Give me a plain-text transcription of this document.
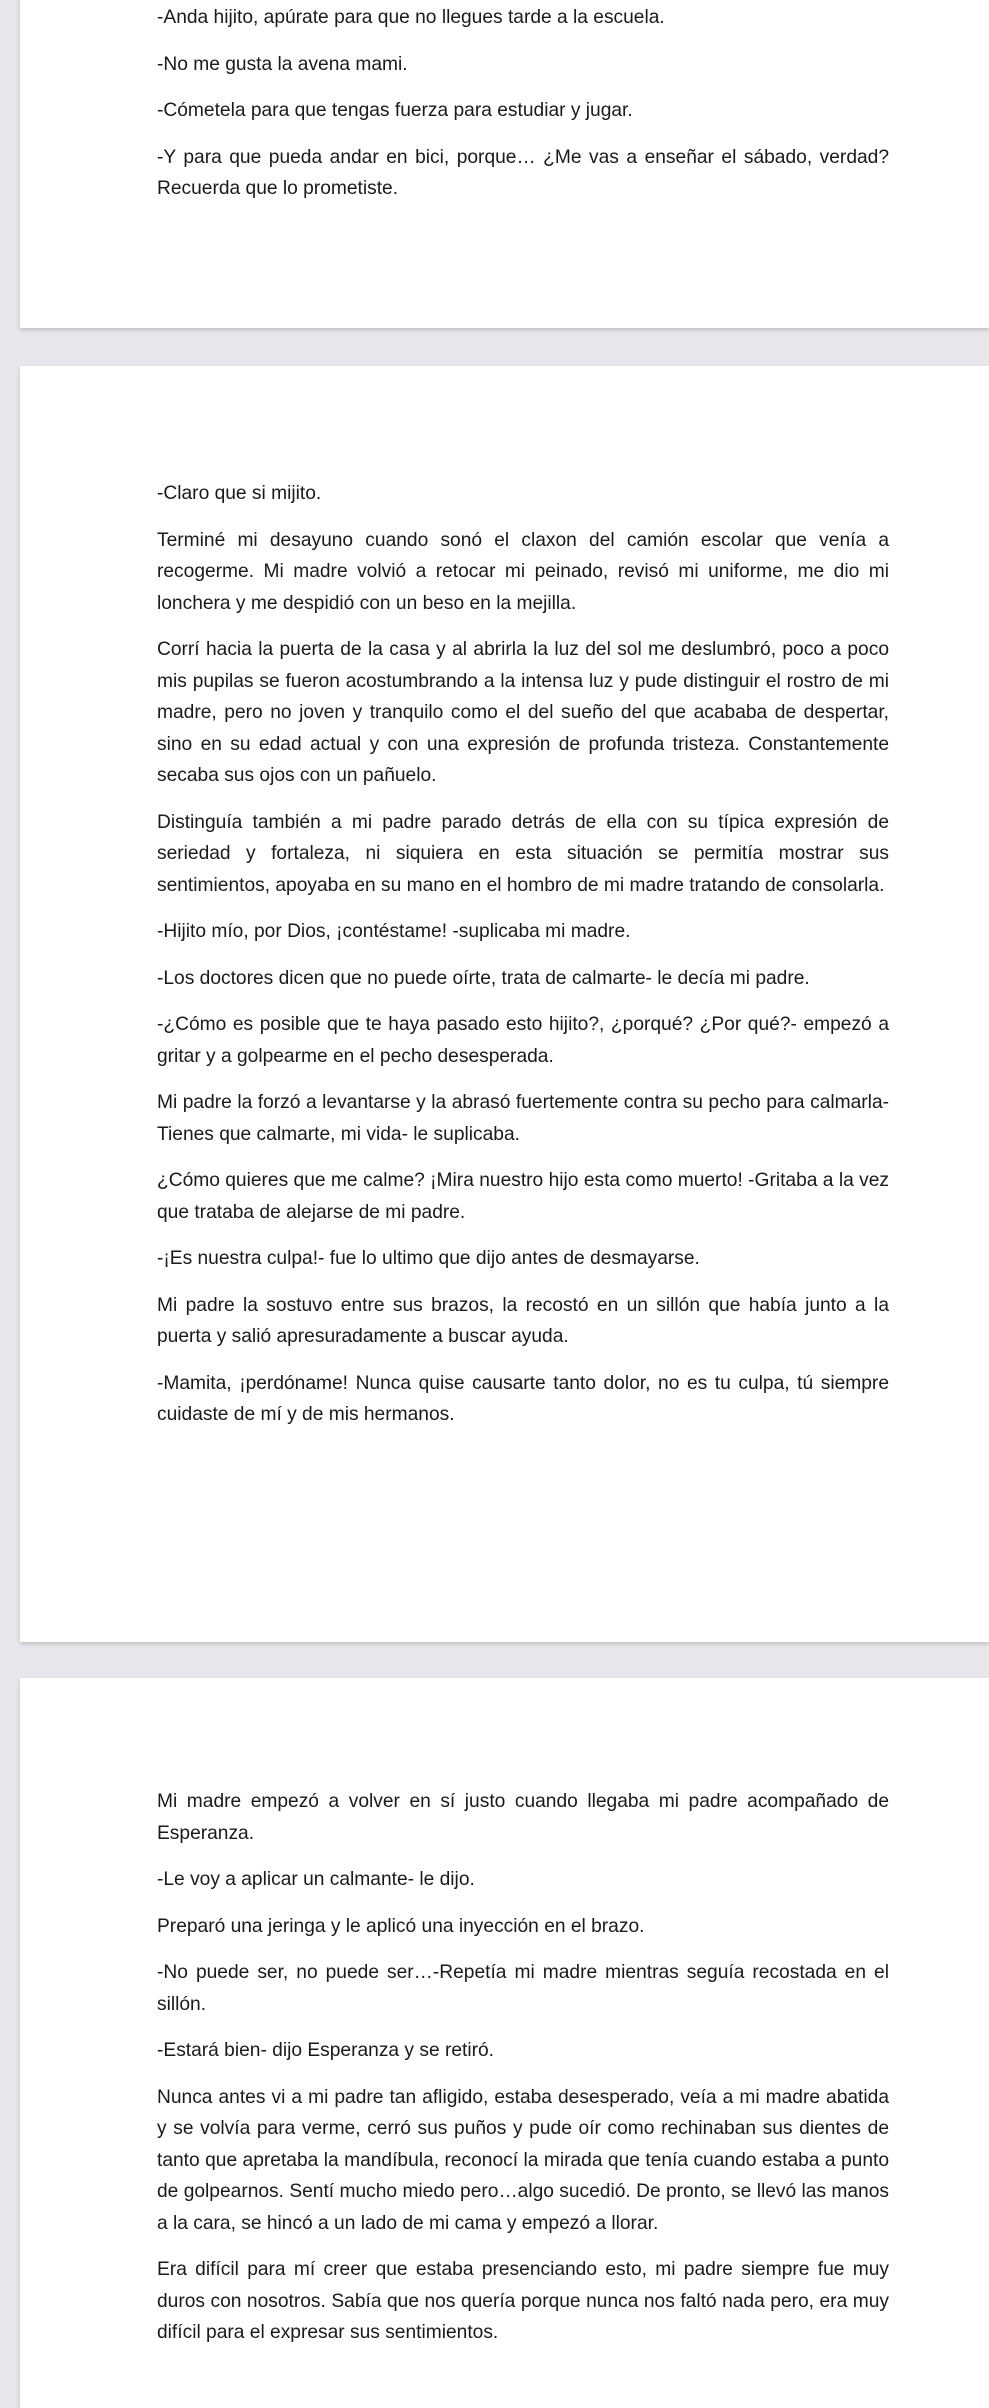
-Anda hijito, apúrate para que no llegues tarde a la escuela.

-No me gusta la avena mami.

-Cómetela para que tengas fuerza para estudiar y jugar.

-Y para que pueda andar en bici, porque… ¿Me vas a enseñar el sábado, verdad? Recuerda que lo prometiste.

-Claro que si mijito.

Terminé mi desayuno cuando sonó el claxon del camión escolar que venía a recogerme. Mi madre volvió a retocar mi peinado, revisó mi uniforme, me dio mi lonchera y me despidió con un beso en la mejilla.

Corrí hacia la puerta de la casa y al abrirla la luz del sol me deslumbró, poco a poco mis pupilas se fueron acostumbrando a la intensa luz y pude distinguir el rostro de mi madre, pero no joven y tranquilo como el del sueño del que acababa de despertar, sino en su edad actual y con una expresión de profunda tristeza. Constantemente secaba sus ojos con un pañuelo.

Distinguía también a mi padre parado detrás de ella con su típica expresión de seriedad y fortaleza, ni siquiera en esta situación se permitía mostrar sus sentimientos, apoyaba en su mano en el hombro de mi madre tratando de consolarla.

-Hijito mío, por Dios, ¡contéstame! -suplicaba mi madre.

-Los doctores dicen que no puede oírte, trata de calmarte- le decía mi padre.

-¿Cómo es posible que te haya pasado esto hijito?, ¿porqué? ¿Por qué?- empezó a gritar y a golpearme en el pecho desesperada.

Mi padre la forzó a levantarse y la abrasó fuertemente contra su pecho para calmarla- Tienes que calmarte, mi vida- le suplicaba.

¿Cómo quieres que me calme? ¡Mira nuestro hijo esta como muerto! -Gritaba a la vez que trataba de alejarse de mi padre.

-¡Es nuestra culpa!- fue lo ultimo que dijo antes de desmayarse.

Mi padre la sostuvo entre sus brazos, la recostó en un sillón que había junto a la puerta y salió apresuradamente a buscar ayuda.

-Mamita, ¡perdóname! Nunca quise causarte tanto dolor, no es tu culpa, tú siempre cuidaste de mí y de mis hermanos.

Mi madre empezó a volver en sí justo cuando llegaba mi padre acompañado de Esperanza.

-Le voy a aplicar un calmante- le dijo.

Preparó una jeringa y le aplicó una inyección en el brazo.

-No puede ser, no puede ser…-Repetía mi madre mientras seguía recostada en el sillón.

-Estará bien- dijo Esperanza y se retiró.

Nunca antes vi a mi padre tan afligido, estaba desesperado, veía a mi madre abatida y se volvía para verme, cerró sus puños y pude oír como rechinaban sus dientes de tanto que apretaba la mandíbula, reconocí la mirada que tenía cuando estaba a punto de golpearnos. Sentí mucho miedo pero…algo sucedió. De pronto, se llevó las manos a la cara, se hincó a un lado de mi cama y empezó a llorar.

Era difícil para mí creer que estaba presenciando esto, mi padre siempre fue muy duros con nosotros. Sabía que nos quería porque nunca nos faltó nada pero, era muy difícil para el expresar sus sentimientos.
